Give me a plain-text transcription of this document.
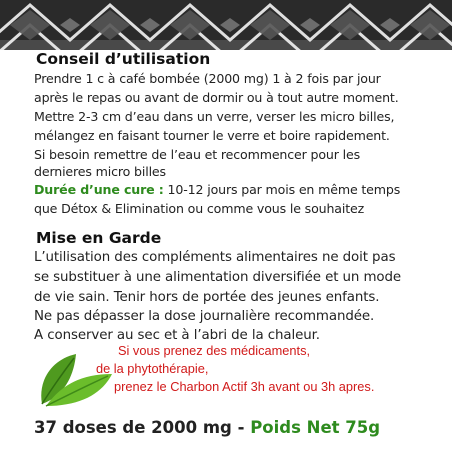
Conseil d’utilisation
Prendre 1 c à café bombée (2000 mg) 1 à 2 fois par jour
après le repas ou avant de dormir ou à tout autre moment.
Mettre 2-3 cm d’eau dans un verre, verser les micro billes,
mélangez en faisant tourner le verre et boire rapidement.
Si besoin remettre de l’eau et recommencer pour les
dernieres micro billes
Durée d’une cure : 10-12 jours par mois en même temps
que Détox & Elimination ou comme vous le souhaitez
Mise en Garde
L’utilisation des compléments alimentaires ne doit pas
se substituer à une alimentation diversifiée et un mode
de vie sain. Tenir hors de portée des jeunes enfants.
Ne pas dépasser la dose journalière recommandée.
A conserver au sec et à l’abri de la chaleur.
Si vous prenez des médicaments,
de la phytothérapie,
prenez le Charbon Actif 3h avant ou 3h apres.
37 doses de 2000 mg - Poids Net 75g
